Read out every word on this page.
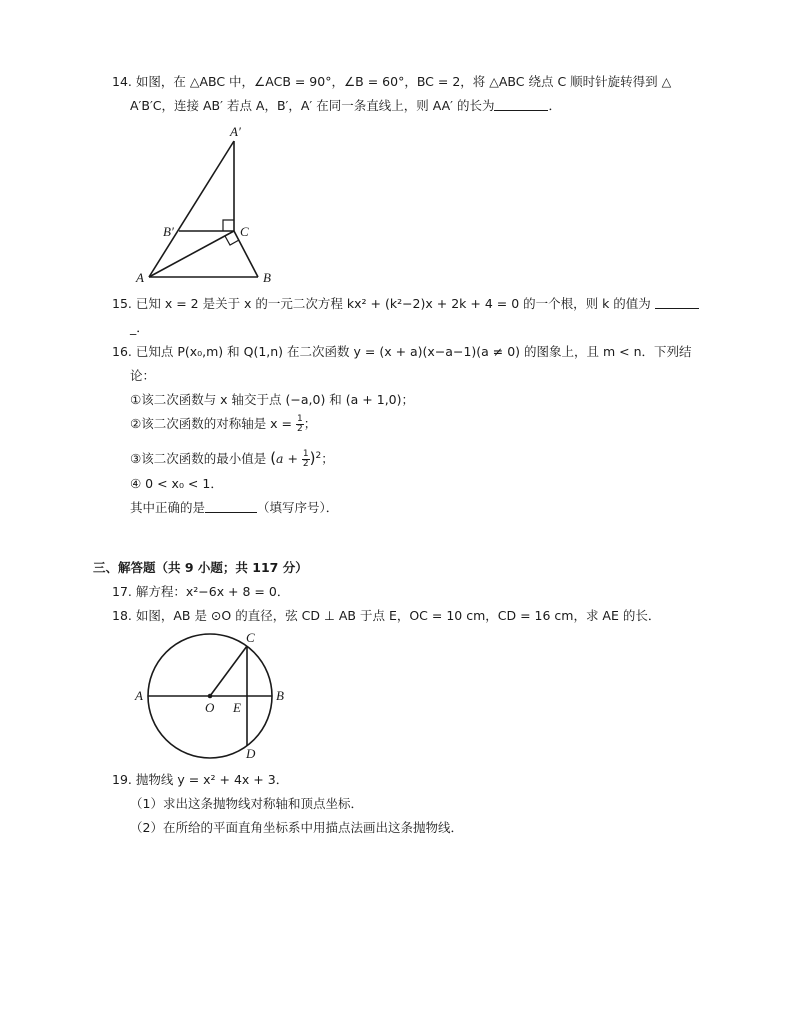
14. 如图，在 △ABC 中，∠ACB = 90°，∠B = 60°，BC = 2，将 △ABC 绕点 C 顺时针旋转得到 △
A′B′C，连接 AB′ 若点 A，B′，A′ 在同一条直线上，则 AA′ 的长为	．
A′
B′	C
A	B
15. 已知 x = 2 是关于 x 的一元二次方程 kx² + (k²−2)x + 2k + 4 = 0 的一个根，则 k 的值为
_．
16. 已知点 P(x₀,m) 和 Q(1,n) 在二次函数 y = (x + a)(x−a−1)(a ≠ 0) 的图象上，且 m < n．下列结
论：
①该二次函数与 x 轴交于点 (−a,0) 和 (a + 1,0)；
②该二次函数的对称轴是 $x = \frac{1}{2}$ ；
③该二次函数的最小值是 $(a + \frac{1}{2} )^2$；
④ 0 < x₀ < 1．
其中正确的是	（填写序号）．
三、解答题（共 9 小题；共 117 分）
17. 解方程：x²−6x + 8 = 0．
18. 如图，AB 是 ⊙O 的直径，弦 CD ⊥ AB 于点 E，OC = 10 cm，CD = 16 cm，求 AE 的长．
A	B
C
D
O E
19. 抛物线 y = x² + 4x + 3．
（1）求出这条抛物线对称轴和顶点坐标．
（2）在所给的平面直角坐标系中用描点法画出这条抛物线．
